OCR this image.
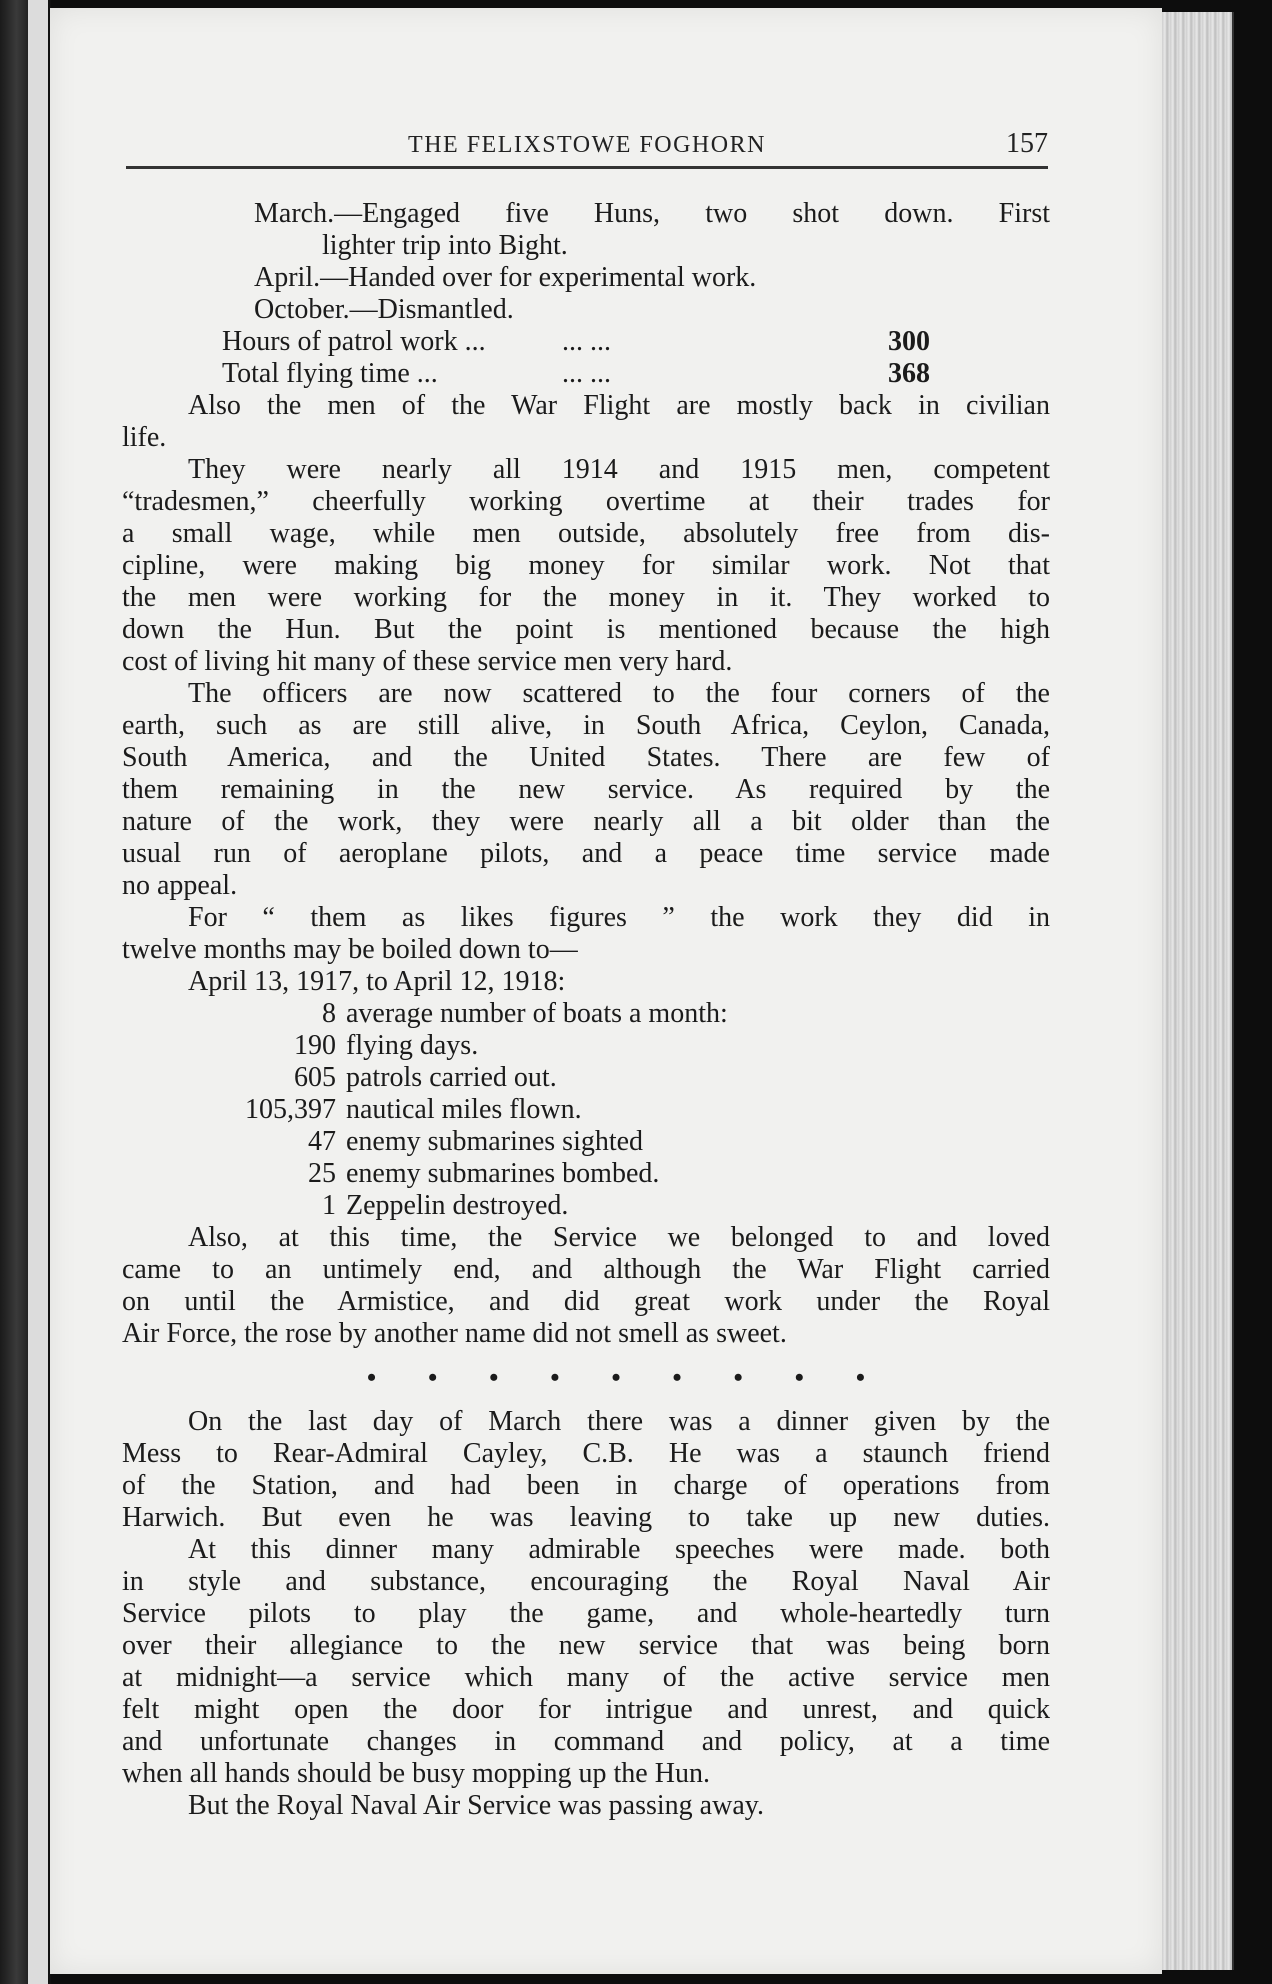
THE FELIXSTOWE FOGHORN	157
March.—Engaged five Huns, two shot down. First
lighter trip into Bight.
April.—Handed over for experimental work.
October.—Dismantled.
Hours of patrol work ...	... ...	300
Total flying time ...	... ...	368
Also the men of the War Flight are mostly back in civilian
life.
They were nearly all 1914 and 1915 men, competent
“tradesmen,” cheerfully working overtime at their trades for
a small wage, while men outside, absolutely free from dis-
cipline, were making big money for similar work. Not that
the men were working for the money in it. They worked to
down the Hun. But the point is mentioned because the high
cost of living hit many of these service men very hard.
The officers are now scattered to the four corners of the
earth, such as are still alive, in South Africa, Ceylon, Canada,
South America, and the United States. There are few of
them remaining in the new service. As required by the
nature of the work, they were nearly all a bit older than the
usual run of aeroplane pilots, and a peace time service made
no appeal.
For “ them as likes figures ” the work they did in
twelve months may be boiled down to—
April 13, 1917, to April 12, 1918:
8 average number of boats a month:
190 flying days.
605 patrols carried out.
105,397 nautical miles flown.
47 enemy submarines sighted
25 enemy submarines bombed.
1 Zeppelin destroyed.
Also, at this time, the Service we belonged to and loved
came to an untimely end, and although the War Flight carried
on until the Armistice, and did great work under the Royal
Air Force, the rose by another name did not smell as sweet.
• • • • • • • • •
On the last day of March there was a dinner given by the
Mess to Rear-Admiral Cayley, C.B. He was a staunch friend
of the Station, and had been in charge of operations from
Harwich. But even he was leaving to take up new duties.
At this dinner many admirable speeches were made. both
in style and substance, encouraging the Royal Naval Air
Service pilots to play the game, and whole-heartedly turn
over their allegiance to the new service that was being born
at midnight—a service which many of the active service men
felt might open the door for intrigue and unrest, and quick
and unfortunate changes in command and policy, at a time
when all hands should be busy mopping up the Hun.
But the Royal Naval Air Service was passing away.
